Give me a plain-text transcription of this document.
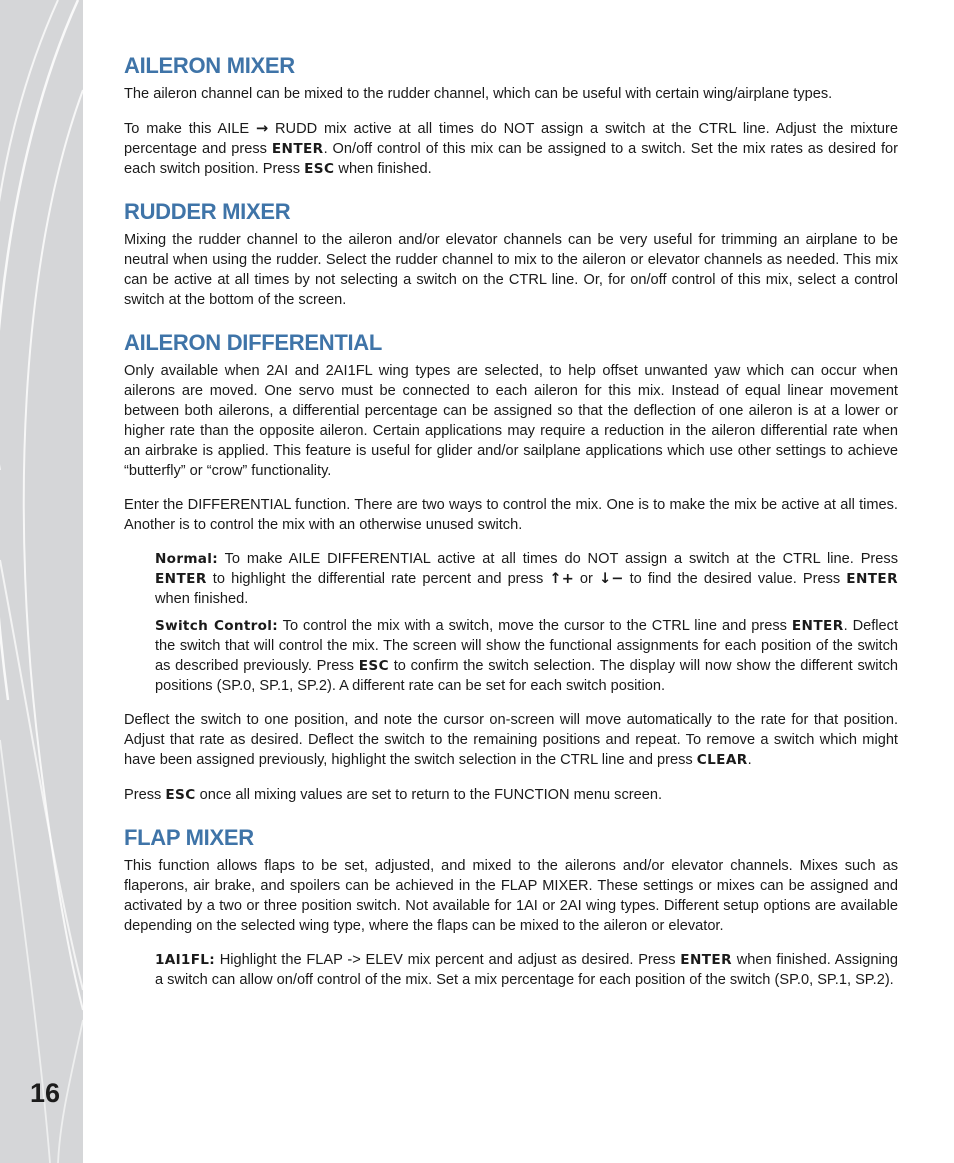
16
AILERON MIXER

The aileron channel can be mixed to the rudder channel, which can be useful with certain wing/airplane types.

To make this AILE → RUDD mix active at all times do NOT assign a switch at the CTRL line. Adjust the mixture percentage and press ENTER. On/off control of this mix can be assigned to a switch. Set the mix rates as desired for each switch position. Press ESC when finished.

RUDDER MIXER

Mixing the rudder channel to the aileron and/or elevator channels can be very useful for trimming an airplane to be neutral when using the rudder. Select the rudder channel to mix to the aileron or elevator channels as needed. This mix can be active at all times by not selecting a switch on the CTRL line. Or, for on/off control of this mix, select a control switch at the bottom of the screen.

AILERON DIFFERENTIAL

Only available when 2AI and 2AI1FL wing types are selected, to help offset unwanted yaw which can occur when ailerons are moved. One servo must be connected to each aileron for this mix. Instead of equal linear movement between both ailerons, a differential percentage can be assigned so that the deflection of one aileron is at a lower or higher rate than the opposite aileron. Certain applications may require a reduction in the aileron differential rate when an airbrake is applied. This feature is useful for glider and/or sailplane applications which use other settings to achieve “butterfly” or “crow” functionality.

Enter the DIFFERENTIAL function. There are two ways to control the mix. One is to make the mix be active at all times. Another is to control the mix with an otherwise unused switch.

Normal: To make AILE DIFFERENTIAL active at all times do NOT assign a switch at the CTRL line. Press ENTER to highlight the differential rate percent and press ↑+ or ↓− to find the desired value. Press ENTER when finished.

Switch Control: To control the mix with a switch, move the cursor to the CTRL line and press ENTER. Deflect the switch that will control the mix. The screen will show the functional assignments for each position of the switch as described previously. Press ESC to confirm the switch selection. The display will now show the different switch positions (SP.0, SP.1, SP.2). A different rate can be set for each switch position.

Deflect the switch to one position, and note the cursor on-screen will move automatically to the rate for that position. Adjust that rate as desired. Deflect the switch to the remaining positions and repeat. To remove a switch which might have been assigned previously, highlight the switch selection in the CTRL line and press CLEAR.

Press ESC once all mixing values are set to return to the FUNCTION menu screen.

FLAP MIXER

This function allows flaps to be set, adjusted, and mixed to the ailerons and/or elevator channels. Mixes such as flaperons, air brake, and spoilers can be achieved in the FLAP MIXER. These settings or mixes can be assigned and activated by a two or three position switch. Not available for 1AI or 2AI wing types. Different setup options are available depending on the selected wing type, where the flaps can be mixed to the aileron or elevator.

1AI1FL: Highlight the FLAP -> ELEV mix percent and adjust as desired. Press ENTER when finished. Assigning a switch can allow on/off control of the mix. Set a mix percentage for each position of the switch (SP.0, SP.1, SP.2).
